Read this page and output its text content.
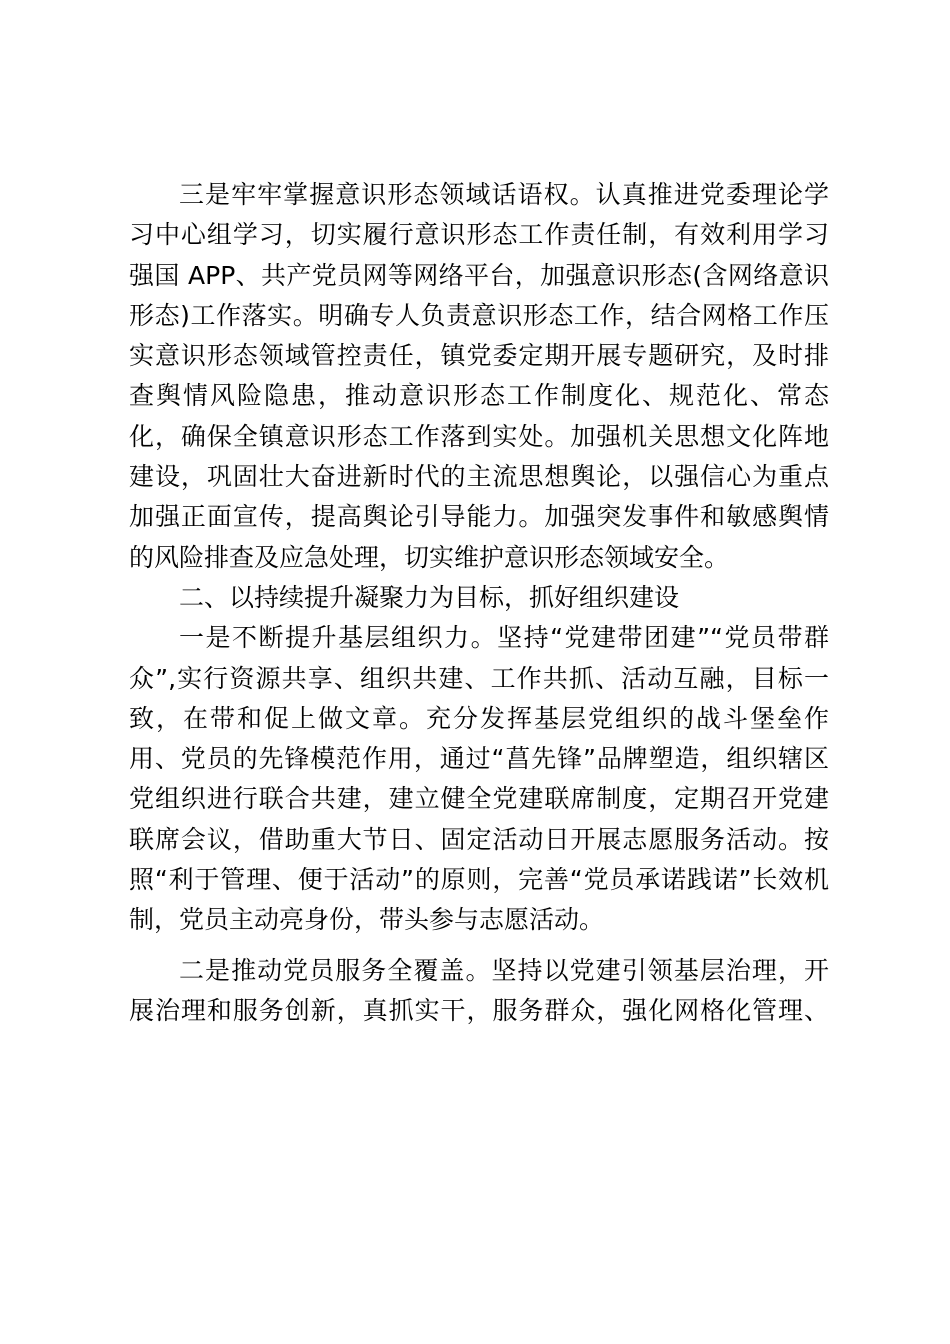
三是牢牢掌握意识形态领域话语权。认真推进党委理论学
习中心组学习，切实履行意识形态工作责任制，有效利用学习
强国 APP、共产党员网等网络平台，加强意识形态(含网络意识
形态)工作落实。明确专人负责意识形态工作，结合网格工作压
实意识形态领域管控责任，镇党委定期开展专题研究，及时排
查舆情风险隐患，推动意识形态工作制度化、规范化、常态
化，确保全镇意识形态工作落到实处。加强机关思想文化阵地
建设，巩固壮大奋进新时代的主流思想舆论，以强信心为重点
加强正面宣传，提高舆论引导能力。加强突发事件和敏感舆情
的风险排查及应急处理，切实维护意识形态领域安全。
二、以持续提升凝聚力为目标，抓好组织建设
一是不断提升基层组织力。坚持“党建带团建”“党员带群
众”,实行资源共享、组织共建、工作共抓、活动互融，目标一
致，在带和促上做文章。充分发挥基层党组织的战斗堡垒作
用、党员的先锋模范作用，通过“菖先锋”品牌塑造，组织辖区
党组织进行联合共建，建立健全党建联席制度，定期召开党建
联席会议，借助重大节日、固定活动日开展志愿服务活动。按
照“利于管理、便于活动”的原则，完善“党员承诺践诺”长效机
制，党员主动亮身份，带头参与志愿活动。
二是推动党员服务全覆盖。坚持以党建引领基层治理，开
展治理和服务创新，真抓实干，服务群众，强化网格化管理、
